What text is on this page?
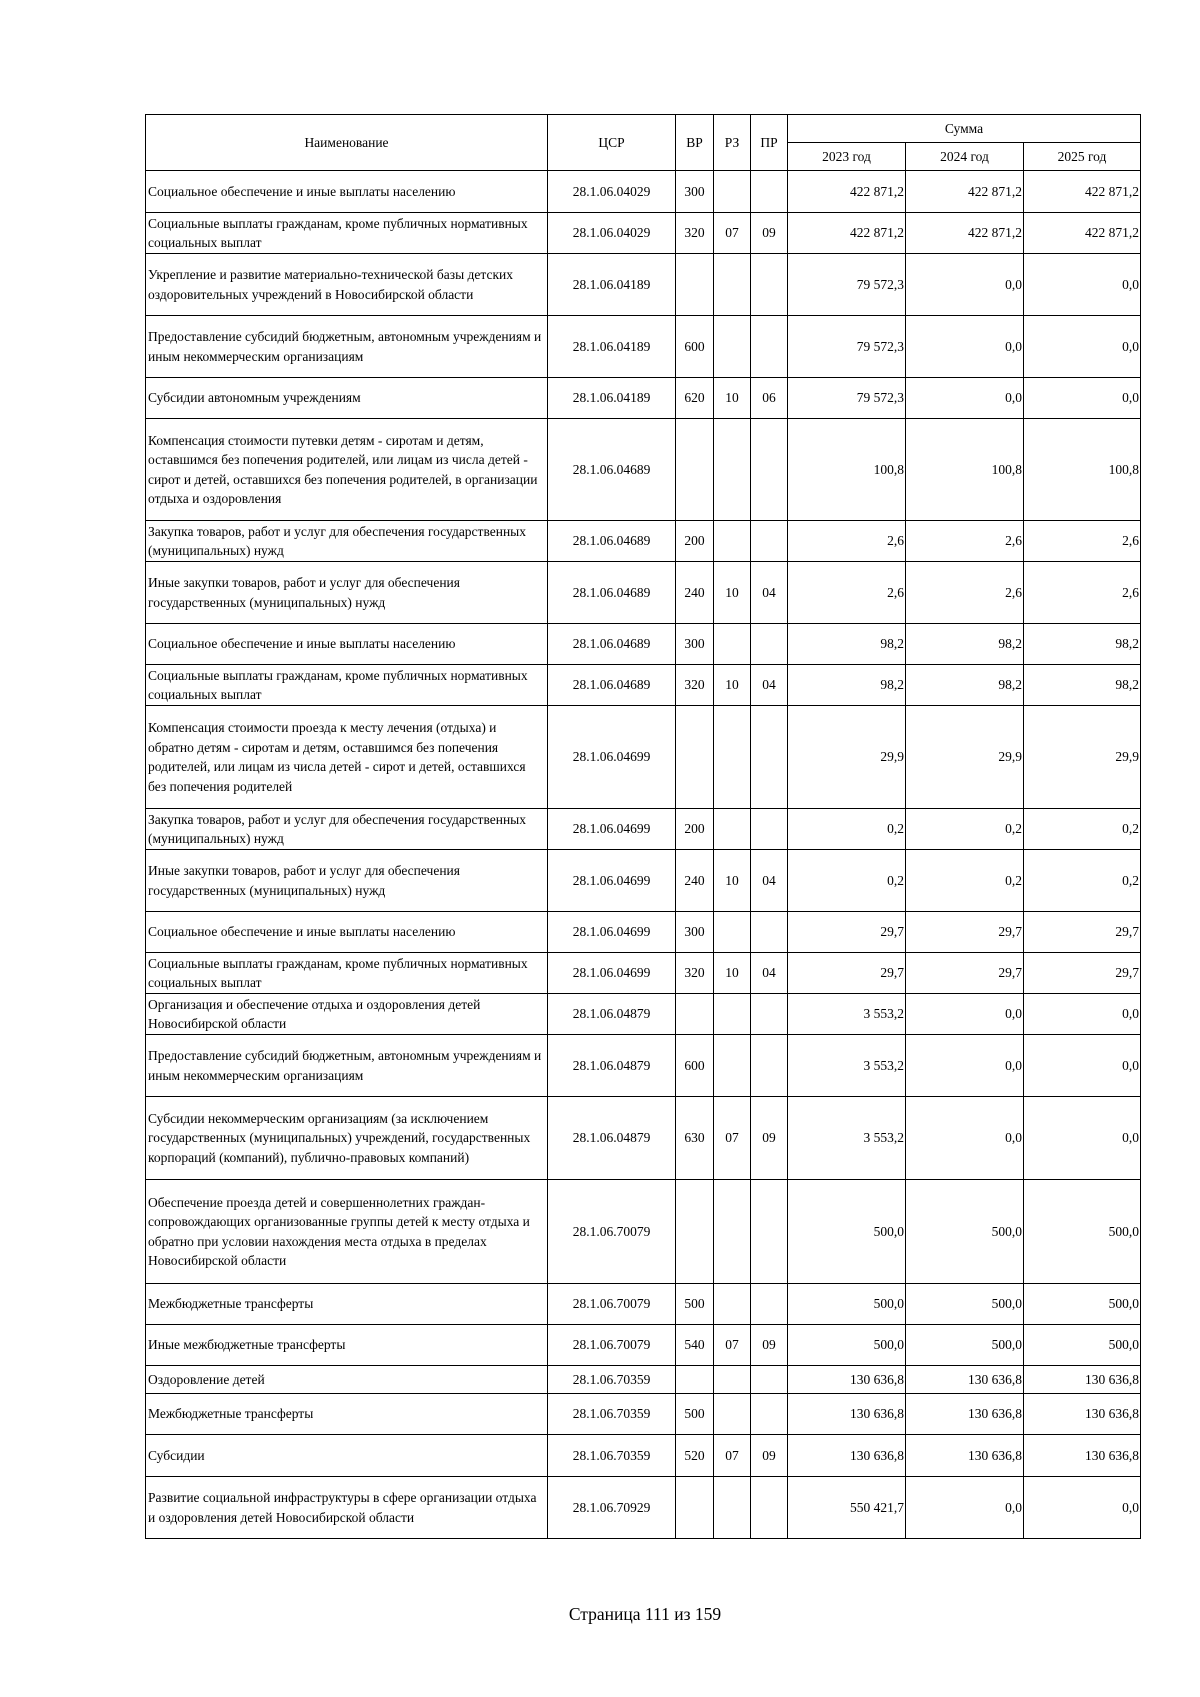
Наименование	ЦСР	ВР	РЗ	ПР	Сумма		
					2023 год	2024 год	2025 год
Социальное обеспечение и иные выплаты населению	28.1.06.04029	300			422 871,2	422 871,2	422 871,2
Социальные выплаты гражданам, кроме публичных нормативных социальных выплат	28.1.06.04029	320	07	09	422 871,2	422 871,2	422 871,2
Укрепление и развитие материально-технической базы детских оздоровительных учреждений в Новосибирской области	28.1.06.04189				79 572,3	0,0	0,0
Предоставление субсидий бюджетным, автономным учреждениям и иным некоммерческим организациям	28.1.06.04189	600			79 572,3	0,0	0,0
Субсидии автономным учреждениям	28.1.06.04189	620	10	06	79 572,3	0,0	0,0
Компенсация стоимости путевки детям - сиротам и детям, оставшимся без попечения родителей, или лицам из числа детей - сирот и детей, оставшихся без попечения родителей, в организации отдыха и оздоровления	28.1.06.04689				100,8	100,8	100,8
Закупка товаров, работ и услуг для обеспечения государственных (муниципальных) нужд	28.1.06.04689	200			2,6	2,6	2,6
Иные закупки товаров, работ и услуг для обеспечения государственных (муниципальных) нужд	28.1.06.04689	240	10	04	2,6	2,6	2,6
Социальное обеспечение и иные выплаты населению	28.1.06.04689	300			98,2	98,2	98,2
Социальные выплаты гражданам, кроме публичных нормативных социальных выплат	28.1.06.04689	320	10	04	98,2	98,2	98,2
Компенсация стоимости проезда к месту лечения (отдыха) и обратно детям - сиротам и детям, оставшимся без попечения родителей, или лицам из числа детей - сирот и детей, оставшихся без попечения родителей	28.1.06.04699				29,9	29,9	29,9
Закупка товаров, работ и услуг для обеспечения государственных (муниципальных) нужд	28.1.06.04699	200			0,2	0,2	0,2
Иные закупки товаров, работ и услуг для обеспечения государственных (муниципальных) нужд	28.1.06.04699	240	10	04	0,2	0,2	0,2
Социальное обеспечение и иные выплаты населению	28.1.06.04699	300			29,7	29,7	29,7
Социальные выплаты гражданам, кроме публичных нормативных социальных выплат	28.1.06.04699	320	10	04	29,7	29,7	29,7
Организация и обеспечение отдыха и оздоровления детей Новосибирской области	28.1.06.04879				3 553,2	0,0	0,0
Предоставление субсидий бюджетным, автономным учреждениям и иным некоммерческим организациям	28.1.06.04879	600			3 553,2	0,0	0,0
Субсидии некоммерческим организациям (за исключением государственных (муниципальных) учреждений, государственных корпораций (компаний), публично-правовых компаний)	28.1.06.04879	630	07	09	3 553,2	0,0	0,0
Обеспечение проезда детей и совершеннолетних граждан-сопровождающих организованные группы детей к месту отдыха и обратно при условии нахождения места отдыха в пределах Новосибирской области	28.1.06.70079				500,0	500,0	500,0
Межбюджетные трансферты	28.1.06.70079	500			500,0	500,0	500,0
Иные межбюджетные трансферты	28.1.06.70079	540	07	09	500,0	500,0	500,0
Оздоровление детей	28.1.06.70359				130 636,8	130 636,8	130 636,8
Межбюджетные трансферты	28.1.06.70359	500			130 636,8	130 636,8	130 636,8
Субсидии	28.1.06.70359	520	07	09	130 636,8	130 636,8	130 636,8
Развитие социальной инфраструктуры в сфере организации отдыха и оздоровления детей Новосибирской области	28.1.06.70929				550 421,7	0,0	0,0
Страница 111 из 159
